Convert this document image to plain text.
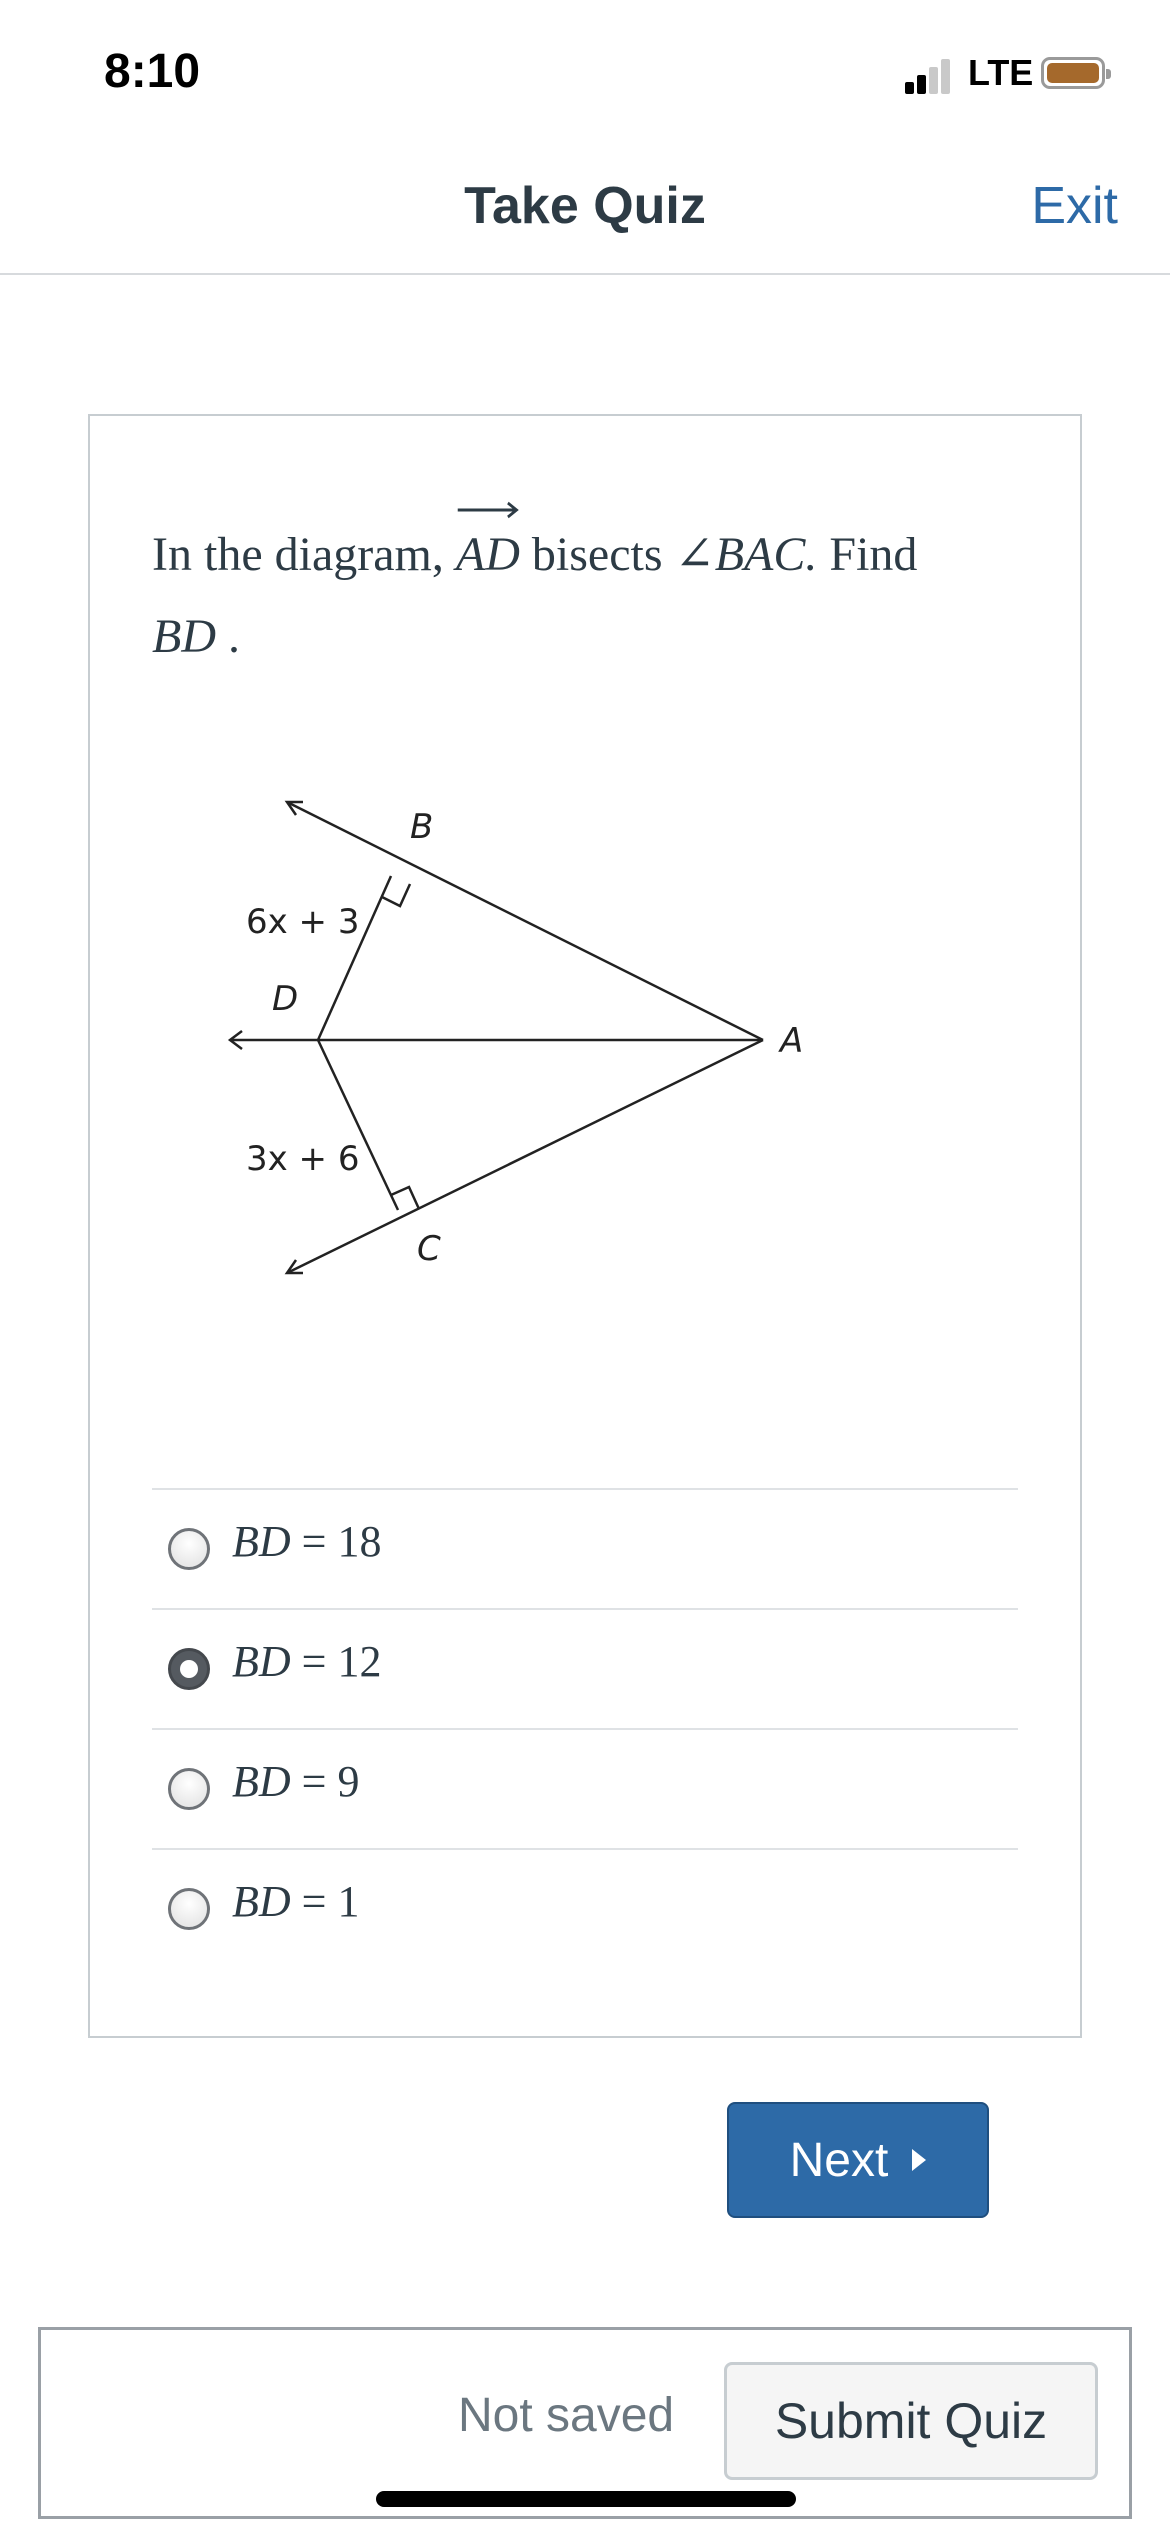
8:10	LTE
Take Quiz	Exit
In the diagram,
AD bisects ∠BAC. Find
BD .
B
D
A
C
6x + 3
3x + 6
BD = 18
BD = 12
BD = 9
BD = 1
Next
Not saved	Submit Quiz
